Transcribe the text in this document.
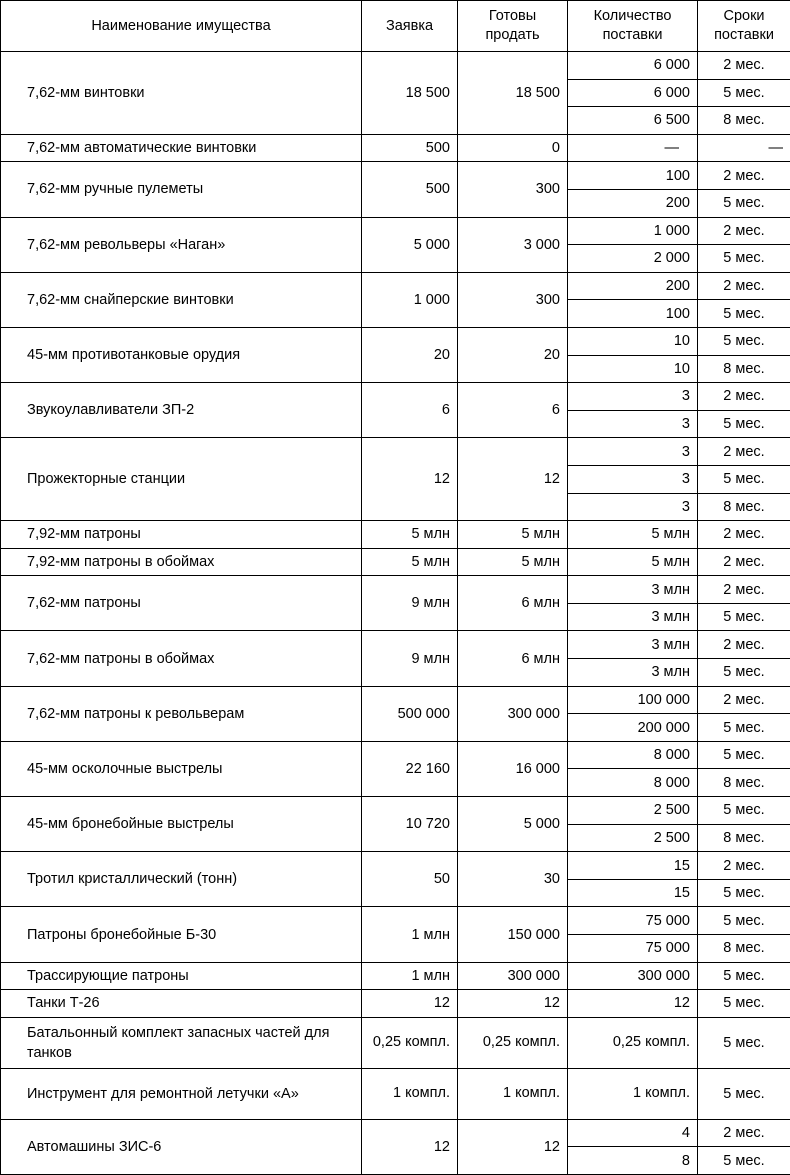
Наименование имущества	Заявка	Готовы продать	Количество поставки	Сроки поставки
7,62-мм винтовки	18 500	18 500	6 000	2 мес.
			6 000	5 мес.
			6 500	8 мес.
7,62-мм автоматические винтовки	500	0	—	—
7,62-мм ручные пулеметы	500	300	100	2 мес.
			200	5 мес.
7,62-мм револьверы «Наган»	5 000	3 000	1 000	2 мес.
			2 000	5 мес.
7,62-мм снайперские винтовки	1 000	300	200	2 мес.
			100	5 мес.
45-мм противотанковые орудия	20	20	10	5 мес.
			10	8 мес.
Звукоулавливатели ЗП-2	6	6	3	2 мес.
			3	5 мес.
Прожекторные станции	12	12	3	2 мес.
			3	5 мес.
			3	8 мес.
7,92-мм патроны	5 млн	5 млн	5 млн	2 мес.
7,92-мм патроны в обоймах	5 млн	5 млн	5 млн	2 мес.
7,62-мм патроны	9 млн	6 млн	3 млн	2 мес.
			3 млн	5 мес.
7,62-мм патроны в обоймах	9 млн	6 млн	3 млн	2 мес.
			3 млн	5 мес.
7,62-мм патроны к револьверам	500 000	300 000	100 000	2 мес.
			200 000	5 мес.
45-мм осколочные выстрелы	22 160	16 000	8 000	5 мес.
			8 000	8 мес.
45-мм бронебойные выстрелы	10 720	5 000	2 500	5 мес.
			2 500	8 мес.
Тротил кристаллический (тонн)	50	30	15	2 мес.
			15	5 мес.
Патроны бронебойные Б-30	1 млн	150 000	75 000	5 мес.
			75 000	8 мес.
Трассирующие патроны	1 млн	300 000	300 000	5 мес.
Танки Т-26	12	12	12	5 мес.
Батальонный комплект запасных частей для танков	0,25 компл.	0,25 компл.	0,25 компл.	5 мес.
Инструмент для ремонтной летучки «А»	1 компл.	1 компл.	1 компл.	5 мес.
Автомашины ЗИС-6	12	12	4	2 мес.
			8	5 мес.
